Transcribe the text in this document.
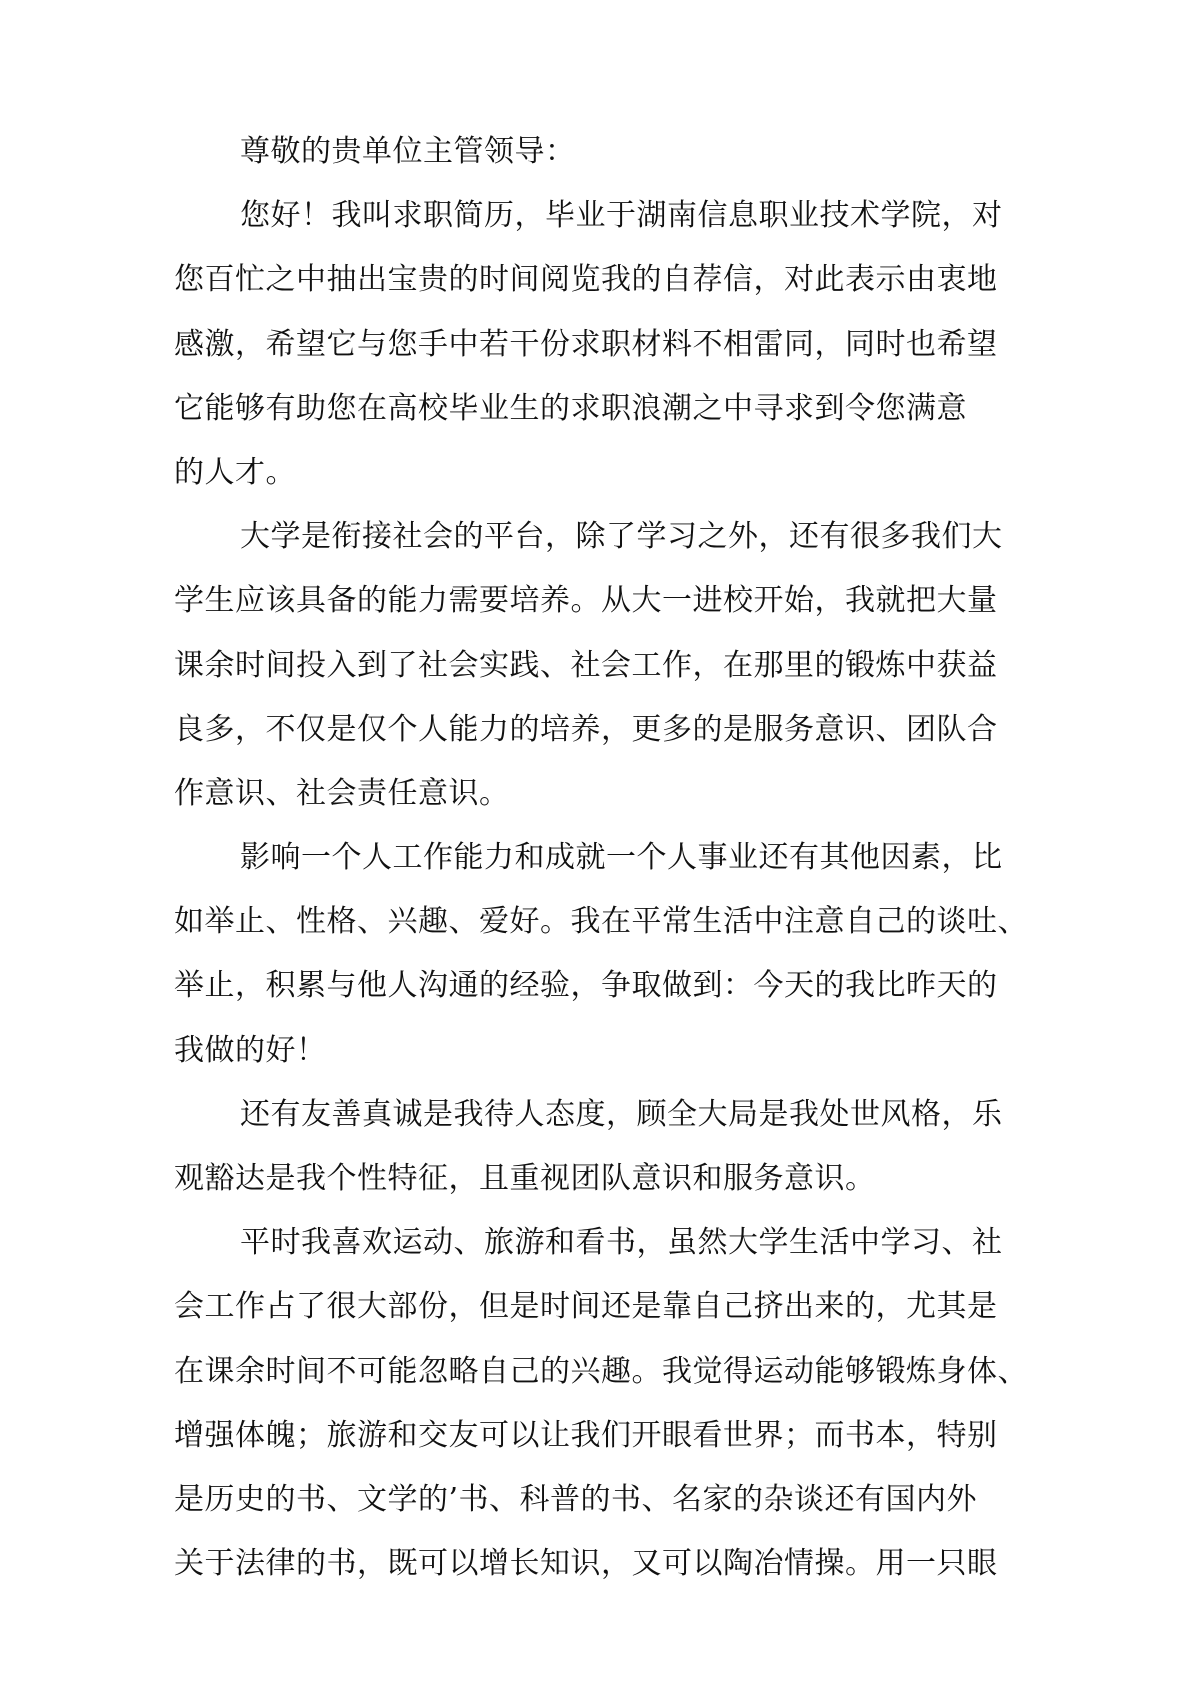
尊敬的贵单位主管领导：
您好！我叫求职简历，毕业于湖南信息职业技术学院，对
您百忙之中抽出宝贵的时间阅览我的自荐信，对此表示由衷地
感激，希望它与您手中若干份求职材料不相雷同，同时也希望
它能够有助您在高校毕业生的求职浪潮之中寻求到令您满意
的人才。
大学是衔接社会的平台，除了学习之外，还有很多我们大
学生应该具备的能力需要培养。从大一进校开始，我就把大量
课余时间投入到了社会实践、社会工作，在那里的锻炼中获益
良多，不仅是仅个人能力的培养，更多的是服务意识、团队合
作意识、社会责任意识。
影响一个人工作能力和成就一个人事业还有其他因素，比
如举止、性格、兴趣、爱好。我在平常生活中注意自己的谈吐、
举止，积累与他人沟通的经验，争取做到：今天的我比昨天的
我做的好！
还有友善真诚是我待人态度，顾全大局是我处世风格，乐
观豁达是我个性特征，且重视团队意识和服务意识。
平时我喜欢运动、旅游和看书，虽然大学生活中学习、社
会工作占了很大部份，但是时间还是靠自己挤出来的，尤其是
在课余时间不可能忽略自己的兴趣。我觉得运动能够锻炼身体、
增强体魄；旅游和交友可以让我们开眼看世界；而书本，特别
是历史的书、文学的’书、科普的书、名家的杂谈还有国内外
关于法律的书，既可以增长知识，又可以陶冶情操。用一只眼
